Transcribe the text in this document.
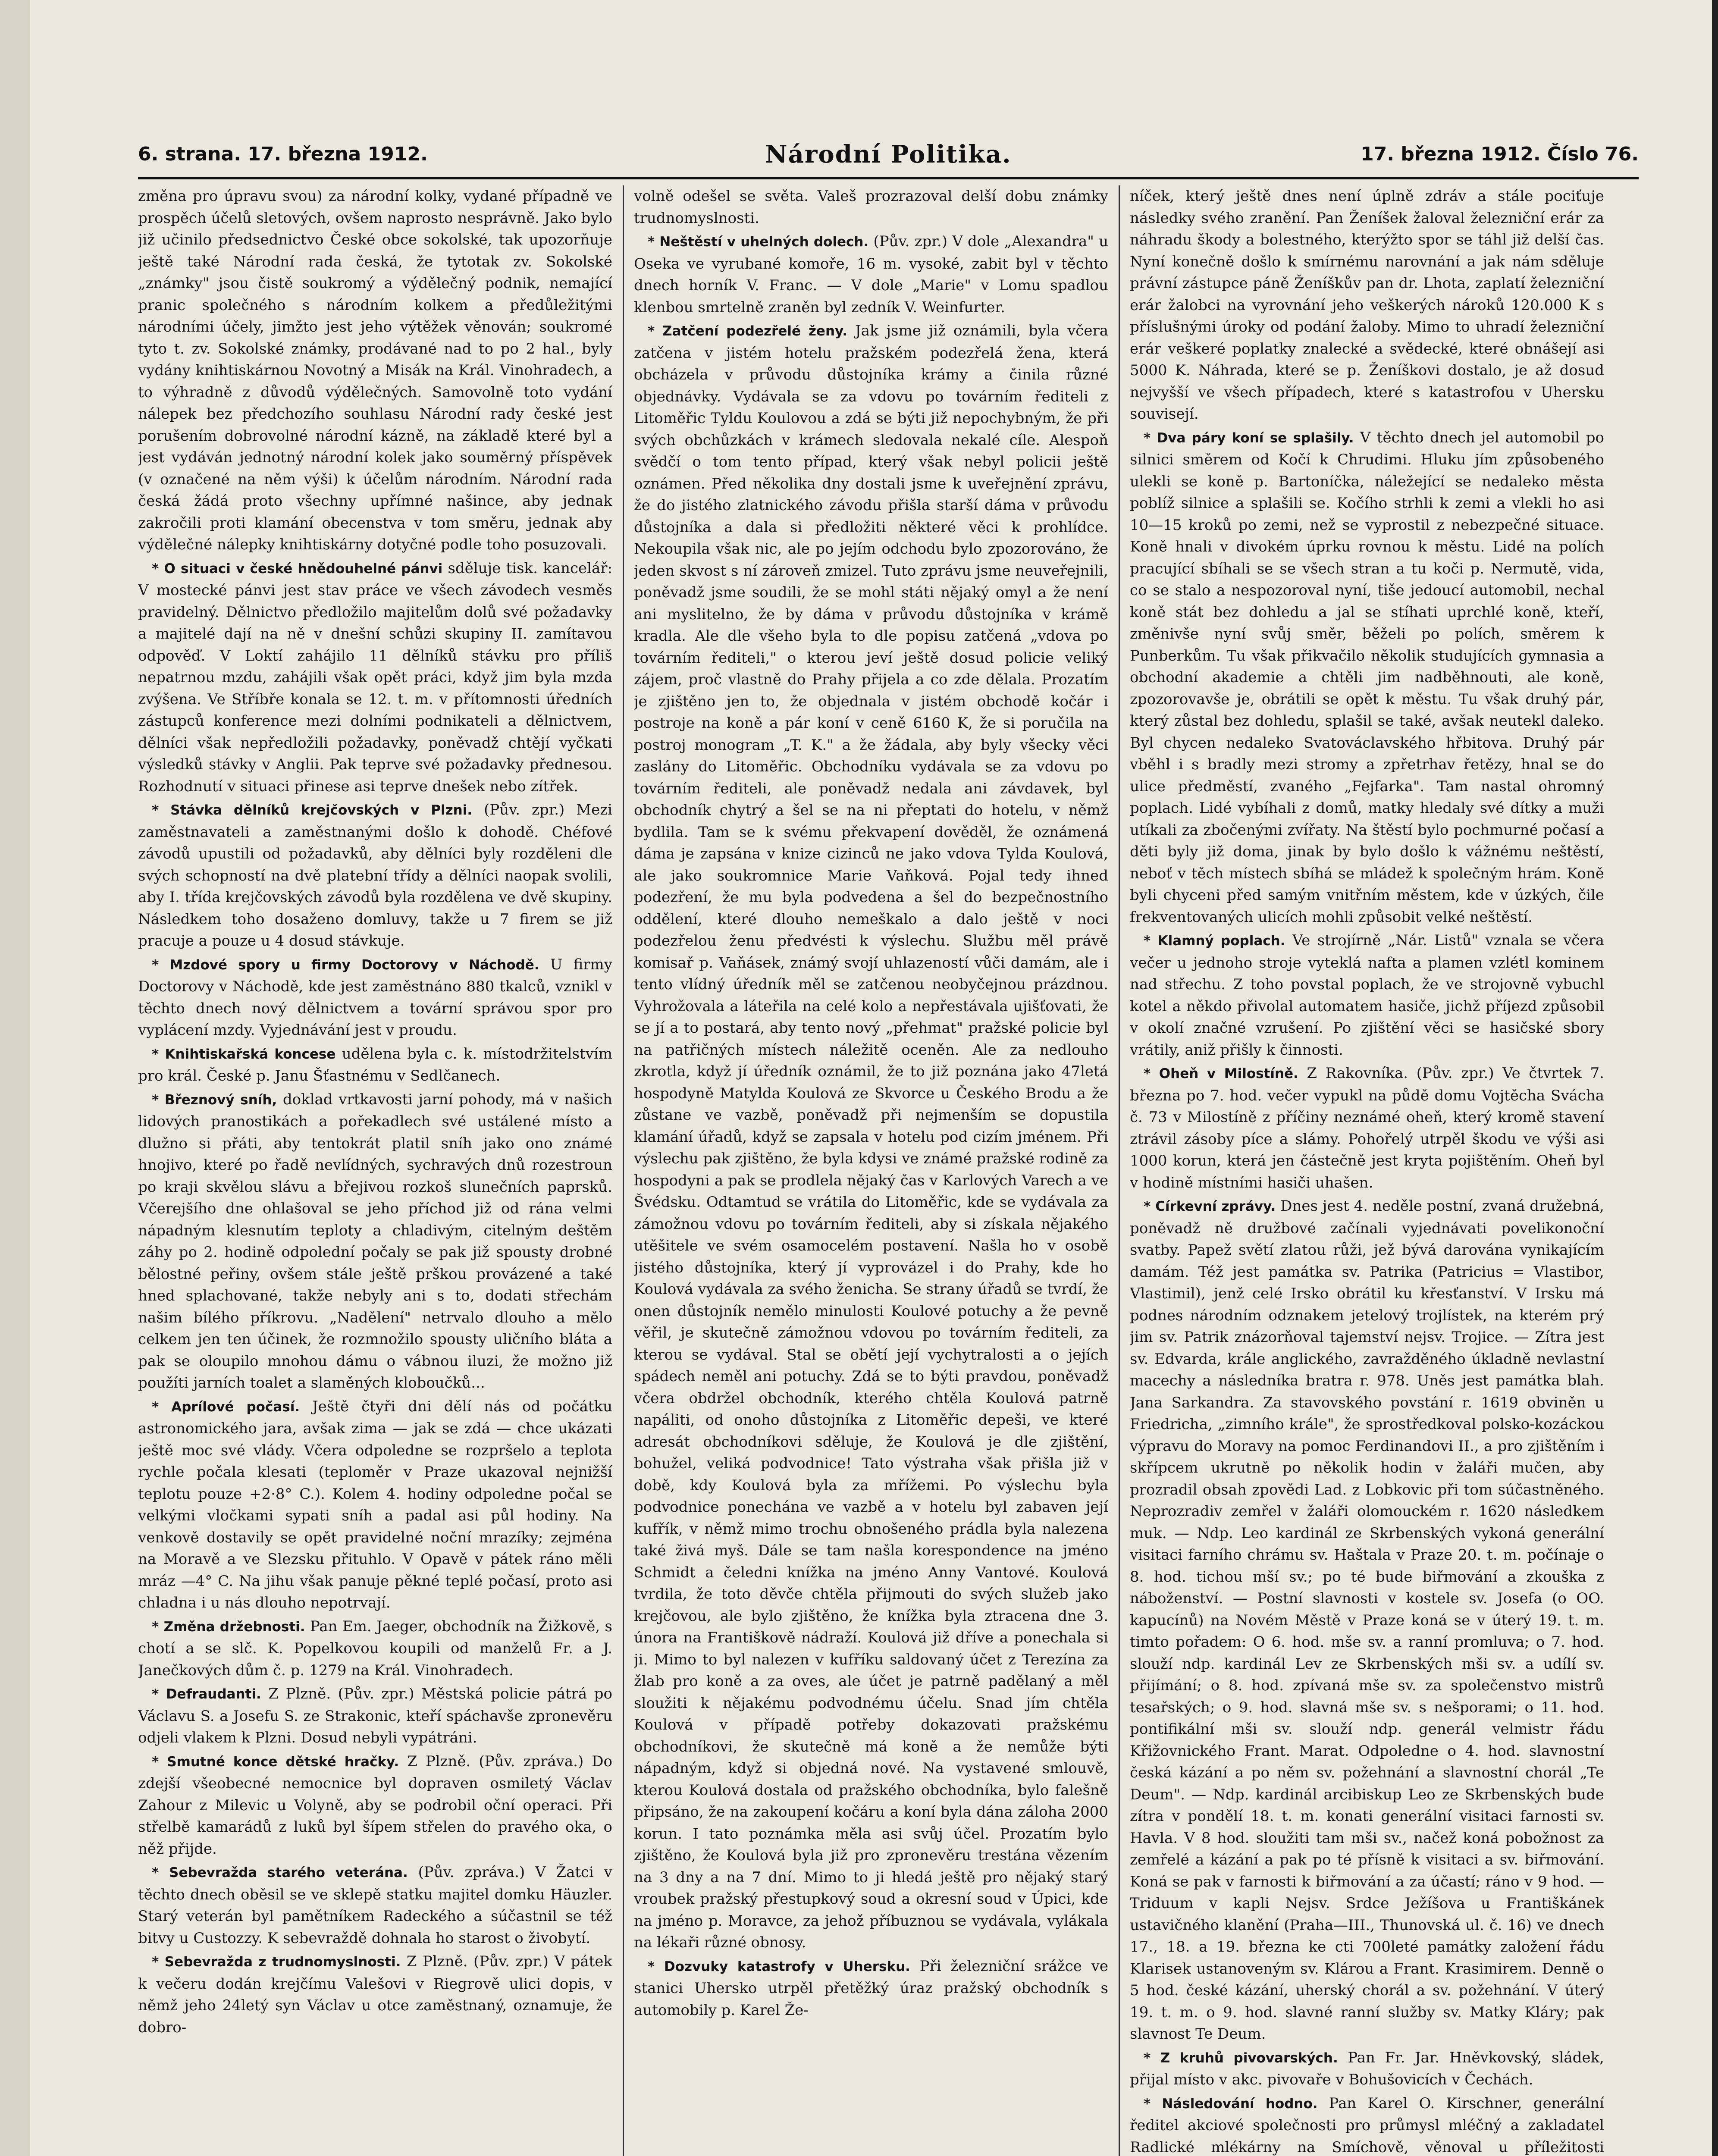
6. strana. 17. března 1912.	Národní Politika.	17. března 1912. Číslo 76.

změna pro úpravu svou) za národní kolky, vydané případně ve prospěch účelů sletových, ovšem naprosto nesprávně. Jako bylo již učinilo předsednictvo České obce sokolské, tak upozorňuje ještě také Národní rada česká, že tytotak zv. Sokolské „známky" jsou čistě soukromý a výdělečný podnik, nemající pranic společného s národním kolkem a předůležitými národními účely, jimžto jest jeho výtěžek věnován; soukromé tyto t. zv. Sokolské známky, prodávané nad to po 2 hal., byly vydány knihtiskárnou Novotný a Misák na Král. Vinohradech, a to výhradně z důvodů výdělečných. Samovolně toto vydání nálepek bez předchozího souhlasu Národní rady české jest porušením dobrovolné národní kázně, na základě které byl a jest vydáván jednotný národní kolek jako souměrný příspěvek (v označené na něm výši) k účelům národním. Národní rada česká žádá proto všechny upřímné našince, aby jednak zakročili proti klamání obecenstva v tom směru, jednak aby výdělečné nálepky knihtiskárny dotyčné podle toho posuzovali.

* O situaci v české hnědouhelné pánvi sděluje tisk. kancelář: V mostecké pánvi jest stav práce ve všech závodech vesměs pravidelný. Dělnictvo předložilo majitelům dolů své požadavky a majitelé dají na ně v dnešní schůzi skupiny II. zamítavou odpověď. V Loktí zahájilo 11 dělníků stávku pro příliš nepatrnou mzdu, zahájili však opět práci, když jim byla mzda zvýšena. Ve Stříbře konala se 12. t. m. v přítomnosti úředních zástupců konference mezi dolními podnikateli a dělnictvem, dělníci však nepředložili požadavky, poněvadž chtějí vyčkati výsledků stávky v Anglii. Pak teprve své požadavky přednesou. Rozhodnutí v situaci přinese asi teprve dnešek nebo zítřek.

* Stávka dělníků krejčovských v Plzni. (Pův. zpr.) Mezi zaměstnavateli a zaměstnanými došlo k dohodě. Chéfové závodů upustili od požadavků, aby dělníci byly rozděleni dle svých schopností na dvě platební třídy a dělníci naopak svolili, aby I. třída krejčovských závodů byla rozdělena ve dvě skupiny. Následkem toho dosaženo domluvy, takže u 7 firem se již pracuje a pouze u 4 dosud stávkuje.

* Mzdové spory u firmy Doctorovy v Náchodě. U firmy Doctorovy v Náchodě, kde jest zaměstnáno 880 tkalců, vznikl v těchto dnech nový dělnictvem a tovární správou spor pro vyplácení mzdy. Vyjednávání jest v proudu.

* Knihtiskařská koncese udělena byla c. k. místodržitelstvím pro král. České p. Janu Šťastnému v Sedlčanech.

* Březnový sníh, doklad vrtkavosti jarní pohody, má v našich lidových pranostikách a pořekadlech své ustálené místo a dlužno si přáti, aby tentokrát platil sníh jako ono známé hnojivo, které po řadě nevlídných, sychravých dnů rozestroun po kraji skvělou slávu a břejivou rozkoš slunečních paprsků. Včerejšího dne ohlašoval se jeho příchod již od rána velmi nápadným klesnutím teploty a chladivým, citelným deštěm záhy po 2. hodině odpolední počaly se pak již spousty drobné bělostné peřiny, ovšem stále ještě prškou provázené a také hned splachované, takže nebyly ani s to, dodati střechám našim bílého příkrovu. „Nadělení" netrvalo dlouho a mělo celkem jen ten účinek, že rozmnožilo spousty uličního bláta a pak se oloupilo mnohou dámu o vábnou iluzi, že možno již použíti jarních toalet a slaměných kloboučků...

* Aprílové počasí. Ještě čtyři dni dělí nás od počátku astronomického jara, avšak zima — jak se zdá — chce ukázati ještě moc své vlády. Včera odpoledne se rozpršelo a teplota rychle počala klesati (teploměr v Praze ukazoval nejnižší teplotu pouze +2·8° C.). Kolem 4. hodiny odpoledne počal se velkými vločkami sypati sníh a padal asi půl hodiny. Na venkově dostavily se opět pravidelné noční mrazíky; zejména na Moravě a ve Slezsku přituhlo. V Opavě v pátek ráno měli mráz —4° C. Na jihu však panuje pěkné teplé počasí, proto asi chladna i u nás dlouho nepotrvají.

* Změna držebnosti. Pan Em. Jaeger, obchodník na Žižkově, s chotí a se slč. K. Popelkovou koupili od manželů Fr. a J. Janečkových dům č. p. 1279 na Král. Vinohradech.

* Defraudanti. Z Plzně. (Pův. zpr.) Městská policie pátrá po Václavu S. a Josefu S. ze Strakonic, kteří spáchavše zpronevěru odjeli vlakem k Plzni. Dosud nebyli vypátráni.

* Smutné konce dětské hračky. Z Plzně. (Pův. zpráva.) Do zdejší všeobecné nemocnice byl dopraven osmiletý Václav Zahour z Milevic u Volyně, aby se podrobil oční operaci. Při střelbě kamarádů z luků byl šípem střelen do pravého oka, o něž přijde.

* Sebevražda starého veterána. (Pův. zpráva.) V Žatci v těchto dnech oběsil se ve sklepě statku majitel domku Häuzler. Starý veterán byl pamětníkem Radeckého a súčastnil se též bitvy u Custozzy. K sebevraždě dohnala ho starost o živobytí.

* Sebevražda z trudnomyslnosti. Z Plzně. (Pův. zpr.) V pátek k večeru dodán krejčímu Valešovi v Riegrově ulici dopis, v němž jeho 24letý syn Václav u otce zaměstnaný, oznamuje, že dobro-

volně odešel se světa. Valeš prozrazoval delší dobu známky trudnomyslnosti.

* Neštěstí v uhelných dolech. (Pův. zpr.) V dole „Alexandra" u Oseka ve vyrubané komoře, 16 m. vysoké, zabit byl v těchto dnech horník V. Franc. — V dole „Marie" v Lomu spadlou klenbou smrtelně zraněn byl zedník V. Weinfurter.

* Zatčení podezřelé ženy. Jak jsme již oznámili, byla včera zatčena v jistém hotelu pražském podezřelá žena, která obcházela v průvodu důstojníka krámy a činila různé objednávky. Vydávala se za vdovu po továrním řediteli z Litoměřic Tyldu Koulovou a zdá se býti již nepochybným, že při svých obchůzkách v krámech sledovala nekalé cíle. Alespoň svědčí o tom tento případ, který však nebyl policii ještě oznámen. Před několika dny dostali jsme k uveřejnění zprávu, že do jistého zlatnického závodu přišla starší dáma v průvodu důstojníka a dala si předložiti některé věci k prohlídce. Nekoupila však nic, ale po jejím odchodu bylo zpozorováno, že jeden skvost s ní zároveň zmizel. Tuto zprávu jsme neuveřejnili, poněvadž jsme soudili, že se mohl státi nějaký omyl a že není ani myslitelno, že by dáma v průvodu důstojníka v krámě kradla. Ale dle všeho byla to dle popisu zatčená „vdova po továrním řediteli," o kterou jeví ještě dosud policie veliký zájem, proč vlastně do Prahy přijela a co zde dělala. Prozatím je zjištěno jen to, že objednala v jistém obchodě kočár i postroje na koně a pár koní v ceně 6160 K, že si poručila na postroj monogram „T. K." a že žádala, aby byly všecky věci zaslány do Litoměřic. Obchodníku vydávala se za vdovu po továrním řediteli, ale poněvadž nedala ani závdavek, byl obchodník chytrý a šel se na ni přeptati do hotelu, v němž bydlila. Tam se k svému překvapení dověděl, že oznámená dáma je zapsána v knize cizinců ne jako vdova Tylda Koulová, ale jako soukromnice Marie Vaňková. Pojal tedy ihned podezření, že mu byla podvedena a šel do bezpečnostního oddělení, které dlouho nemeškalo a dalo ještě v noci podezřelou ženu předvésti k výslechu. Službu měl právě komisař p. Vaňásek, známý svojí uhlazeností vůči damám, ale i tento vlídný úředník měl se zatčenou neobyčejnou prázdnou. Vyhrožovala a láteřila na celé kolo a nepřestávala ujišťovati, že se jí a to postará, aby tento nový „přehmat" pražské policie byl na patřičných místech náležitě oceněn. Ale za nedlouho zkrotla, když jí úředník oznámil, že to již poznána jako 47letá hospodyně Matylda Koulová ze Skvorce u Českého Brodu a že zůstane ve vazbě, poněvadž při nejmenším se dopustila klamání úřadů, když se zapsala v hotelu pod cizím jménem. Při výslechu pak zjištěno, že byla kdysi ve známé pražské rodině za hospodyni a pak se prodlela nějaký čas v Karlových Varech a ve Švédsku. Odtamtud se vrátila do Litoměřic, kde se vydávala za zámožnou vdovu po továrním řediteli, aby si získala nějakého utěšitele ve svém osamocelém postavení. Našla ho v osobě jistého důstojníka, který jí vyprovázel i do Prahy, kde ho Koulová vydávala za svého ženicha. Se strany úřadů se tvrdí, že onen důstojník nemělo minulosti Koulové potuchy a že pevně věřil, je skutečně zámožnou vdovou po továrním řediteli, za kterou se vydával. Stal se obětí její vychytralosti a o jejích spádech neměl ani potuchy. Zdá se to býti pravdou, poněvadž včera obdržel obchodník, kterého chtěla Koulová patrně napáliti, od onoho důstojníka z Litoměřic depeši, ve které adresát obchodníkovi sděluje, že Koulová je dle zjištění, bohužel, veliká podvodnice! Tato výstraha však přišla již v době, kdy Koulová byla za mřížemi. Po výslechu byla podvodnice ponechána ve vazbě a v hotelu byl zabaven její kufřík, v němž mimo trochu obnošeného prádla byla nalezena také živá myš. Dále se tam našla korespondence na jméno Schmidt a čeledni knížka na jméno Anny Vantové. Koulová tvrdila, že toto děvče chtěla přijmouti do svých služeb jako krejčovou, ale bylo zjištěno, že knížka byla ztracena dne 3. února na Františkově nádraží. Koulová již dříve a ponechala si ji. Mimo to byl nalezen v kufříku saldovaný účet z Terezína za žlab pro koně a za oves, ale účet je patrně padělaný a měl sloužiti k nějakému podvodnému účelu. Snad jím chtěla Koulová v případě potřeby dokazovati pražskému obchodníkovi, že skutečně má koně a že nemůže býti nápadným, když si objedná nové. Na vystavené smlouvě, kterou Koulová dostala od pražského obchodníka, bylo falešně připsáno, že na zakoupení kočáru a koní byla dána záloha 2000 korun. I tato poznámka měla asi svůj účel. Prozatím bylo zjištěno, že Koulová byla již pro zpronevěru trestána vězením na 3 dny a na 7 dní. Mimo to ji hledá ještě pro nějaký starý vroubek pražský přestupkový soud a okresní soud v Úpici, kde na jméno p. Moravce, za jehož příbuznou se vydávala, vylákala na lékaři různé obnosy.

* Dozvuky katastrofy v Uhersku. Při železniční srážce ve stanici Uhersko utrpěl přetěžký úraz pražský obchodník s automobily p. Karel Že-

níček, který ještě dnes není úplně zdráv a stále pociťuje následky svého zranění. Pan Ženíšek žaloval železniční erár za náhradu škody a bolestného, kterýžto spor se táhl již delší čas. Nyní konečně došlo k smírnému narovnání a jak nám sděluje právní zástupce páně Ženíškův pan dr. Lhota, zaplatí železniční erár žalobci na vyrovnání jeho veškerých nároků 120.000 K s příslušnými úroky od podání žaloby. Mimo to uhradí železniční erár veškeré poplatky znalecké a svědecké, které obnášejí asi 5000 K. Náhrada, které se p. Ženíškovi dostalo, je až dosud nejvyšší ve všech případech, které s katastrofou v Uhersku souvisejí.

* Dva páry koní se splašily. V těchto dnech jel automobil po silnici směrem od Kočí k Chrudimi. Hluku jím způsobeného ulekli se koně p. Bartoníčka, náležející se nedaleko města poblíž silnice a splašili se. Kočího strhli k zemi a vlekli ho asi 10—15 kroků po zemi, než se vyprostil z nebezpečné situace. Koně hnali v divokém úprku rovnou k městu. Lidé na polích pracující sbíhali se se všech stran a tu koči p. Nermutě, vida, co se stalo a nespozoroval nyní, tiše jedoucí automobil, nechal koně stát bez dohledu a jal se stíhati uprchlé koně, kteří, změnivše nyní svůj směr, běželi po polích, směrem k Punberkům. Tu však přikvačilo několik studujících gymnasia a obchodní akademie a chtěli jim nadběhnouti, ale koně, zpozorovavše je, obrátili se opět k městu. Tu však druhý pár, který zůstal bez dohledu, splašil se také, avšak neutekl daleko. Byl chycen nedaleko Svatováclavského hřbitova. Druhý pár vběhl i s bradly mezi stromy a zpřetrhav řetězy, hnal se do ulice předměstí, zvaného „Fejfarka". Tam nastal ohromný poplach. Lidé vybíhali z domů, matky hledaly své dítky a muži utíkali za zbočenými zvířaty. Na štěstí bylo pochmurné počasí a děti byly již doma, jinak by bylo došlo k vážnému neštěstí, neboť v těch místech sbíhá se mládež k společným hrám. Koně byli chyceni před samým vnitřním městem, kde v úzkých, čile frekventovaných ulicích mohli způsobit velké neštěstí.

* Klamný poplach. Ve strojírně „Nár. Listů" vznala se včera večer u jednoho stroje vyteklá nafta a plamen vzlétl kominem nad střechu. Z toho povstal poplach, že ve strojovně vybuchl kotel a někdo přivolal automatem hasiče, jichž příjezd způsobil v okolí značné vzrušení. Po zjištění věci se hasičské sbory vrátily, aniž přišly k činnosti.

* Oheň v Milostíně. Z Rakovníka. (Pův. zpr.) Ve čtvrtek 7. března po 7. hod. večer vypukl na půdě domu Vojtěcha Svácha č. 73 v Milostíně z příčiny neznámé oheň, který kromě stavení ztrávil zásoby píce a slámy. Pohořelý utrpěl škodu ve výši asi 1000 korun, která jen částečně jest kryta pojištěním. Oheň byl v hodině místními hasiči uhašen.

* Církevní zprávy. Dnes jest 4. neděle postní, zvaná družebná, poněvadž ně družbové začínali vyjednávati povelikonoční svatby. Papež světí zlatou růži, jež bývá darována vynikajícím damám. Též jest památka sv. Patrika (Patricius = Vlastibor, Vlastimil), jenž celé Irsko obrátil ku křesťanství. V Irsku má podnes národním odznakem jetelový trojlístek, na kterém prý jim sv. Patrik znázorňoval tajemství nejsv. Trojice. — Zítra jest sv. Edvarda, krále anglického, zavražděného úkladně nevlastní macechy a následníka bratra r. 978. Uněs jest památka blah. Jana Sarkandra. Za stavovského povstání r. 1619 obviněn u Friedricha, „zimního krále", že sprostředkoval polsko-kozáckou výpravu do Moravy na pomoc Ferdinandovi II., a pro zjištěním i skřípcem ukrutně po několik hodin v žaláři mučen, aby prozradil obsah zpovědi Lad. z Lobkovic při tom súčastněného. Neprozradiv zemřel v žaláři olomouckém r. 1620 následkem muk. — Ndp. Leo kardinál ze Skrbenských vykoná generální visitaci farního chrámu sv. Haštala v Praze 20. t. m. počínaje o 8. hod. tichou mší sv.; po té bude biřmování a zkouška z náboženství. — Postní slavnosti v kostele sv. Josefa (o OO. kapucínů) na Novém Městě v Praze koná se v úterý 19. t. m. timto pořadem: O 6. hod. mše sv. a ranní promluva; o 7. hod. slouží ndp. kardinál Lev ze Skrbenských mši sv. a udílí sv. přijímání; o 8. hod. zpívaná mše sv. za společenstvo mistrů tesařských; o 9. hod. slavná mše sv. s nešporami; o 11. hod. pontifikální mši sv. slouží ndp. generál velmistr řádu Křižovnického Frant. Marat. Odpoledne o 4. hod. slavnostní česká kázání a po něm sv. požehnání a slavnostní chorál „Te Deum". — Ndp. kardinál arcibiskup Leo ze Skrbenských bude zítra v pondělí 18. t. m. konati generální visitaci farnosti sv. Havla. V 8 hod. sloužiti tam mši sv., načež koná pobožnost za zemřelé a kázání a pak po té přísně k visitaci a sv. biřmování. Koná se pak v farnosti k biřmování a za účastí; ráno v 9 hod. — Triduum v kapli Nejsv. Srdce Ježíšova u Františkánek ustavičného klanění (Praha—III., Thunovská ul. č. 16) ve dnech 17., 18. a 19. března ke cti 700leté památky založení řádu Klarisek ustanoveným sv. Klárou a Frant. Krasimirem. Denně o 5 hod. české kázání, uherský chorál a sv. požehnání. V úterý 19. t. m. o 9. hod. slavné ranní služby sv. Matky Kláry; pak slavnost Te Deum.

* Z kruhů pivovarských. Pan Fr. Jar. Hněvkovský, sládek, přijal místo v akc. pivovaře v Bohušovicích v Čechách.

* Následování hodno. Pan Karel O. Kirschner, generální ředitel akciové společnosti pro průmysl mléčný a zakladatel Radlické mlékárny na Smíchově, věnoval u příležitosti
